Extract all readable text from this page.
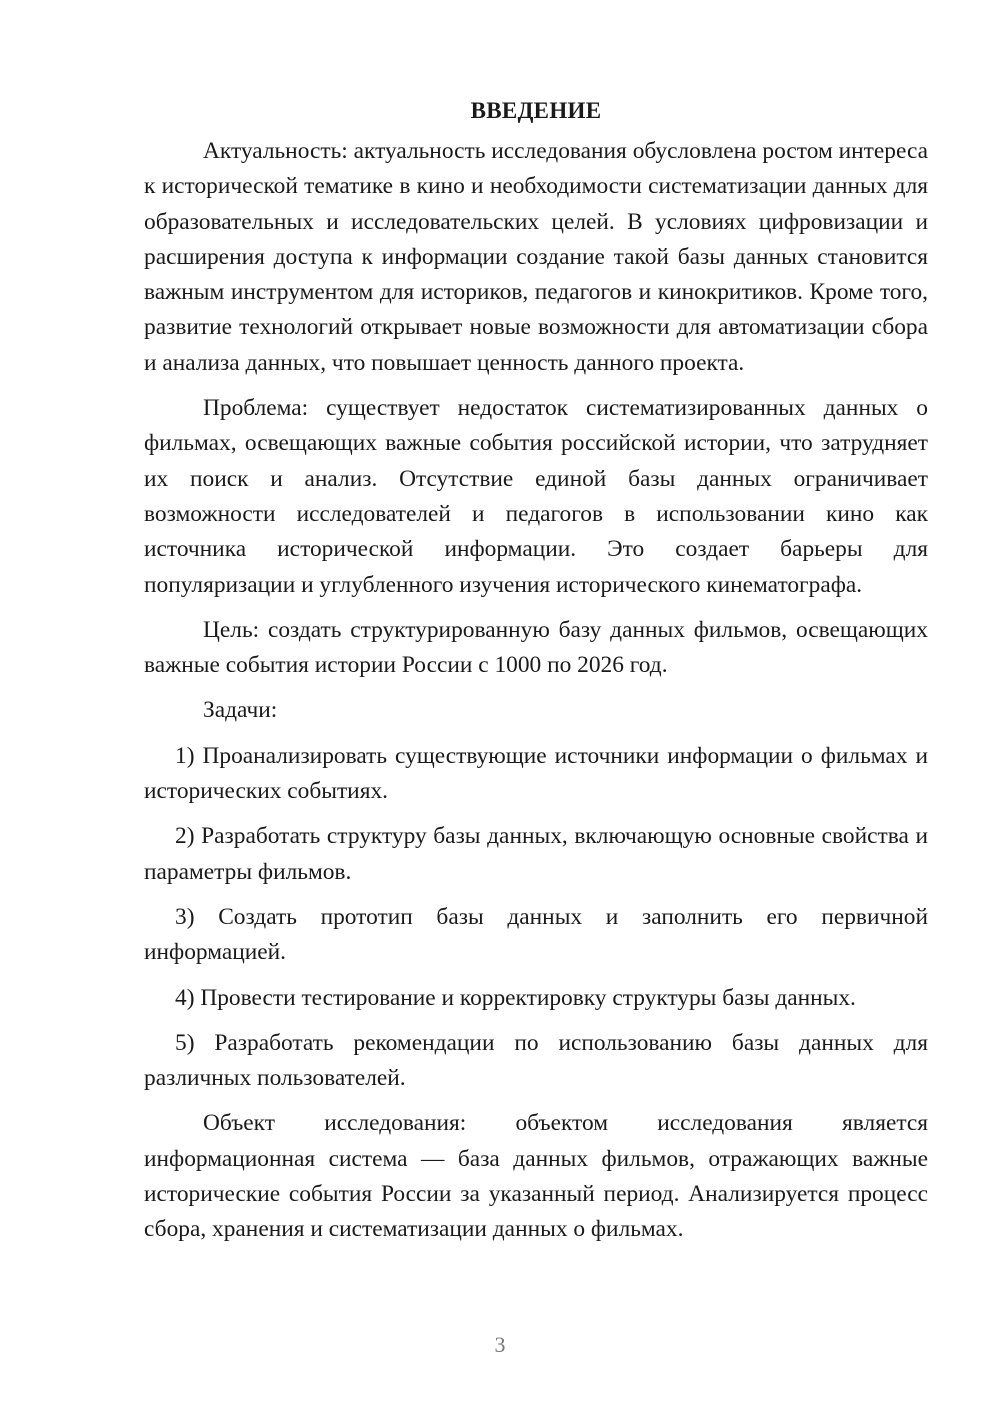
ВВЕДЕНИЕ

Актуальность: актуальность исследования обусловлена ростом интереса к исторической тематике в кино и необходимости систематизации данных для образовательных и исследовательских целей. В условиях цифровизации и расширения доступа к информации создание такой базы данных становится важным инструментом для историков, педагогов и кинокритиков. Кроме того, развитие технологий открывает новые возможности для автоматизации сбора и анализа данных, что повышает ценность данного проекта.

Проблема: существует недостаток систематизированных данных о фильмах, освещающих важные события российской истории, что затрудняет их поиск и анализ. Отсутствие единой базы данных ограничивает возможности исследователей и педагогов в использовании кино как источника исторической информации. Это создает барьеры для популяризации и углубленного изучения исторического кинематографа.

Цель: создать структурированную базу данных фильмов, освещающих важные события истории России с 1000 по 2026 год.

Задачи:

1) Проанализировать существующие источники информации о фильмах и исторических событиях.

2) Разработать структуру базы данных, включающую основные свойства и параметры фильмов.

3) Создать прототип базы данных и заполнить его первичной информацией.

4) Провести тестирование и корректировку структуры базы данных.

5) Разработать рекомендации по использованию базы данных для различных пользователей.

Объект исследования: объектом исследования является информационная система — база данных фильмов, отражающих важные исторические события России за указанный период. Анализируется процесс сбора, хранения и систематизации данных о фильмах.

3
